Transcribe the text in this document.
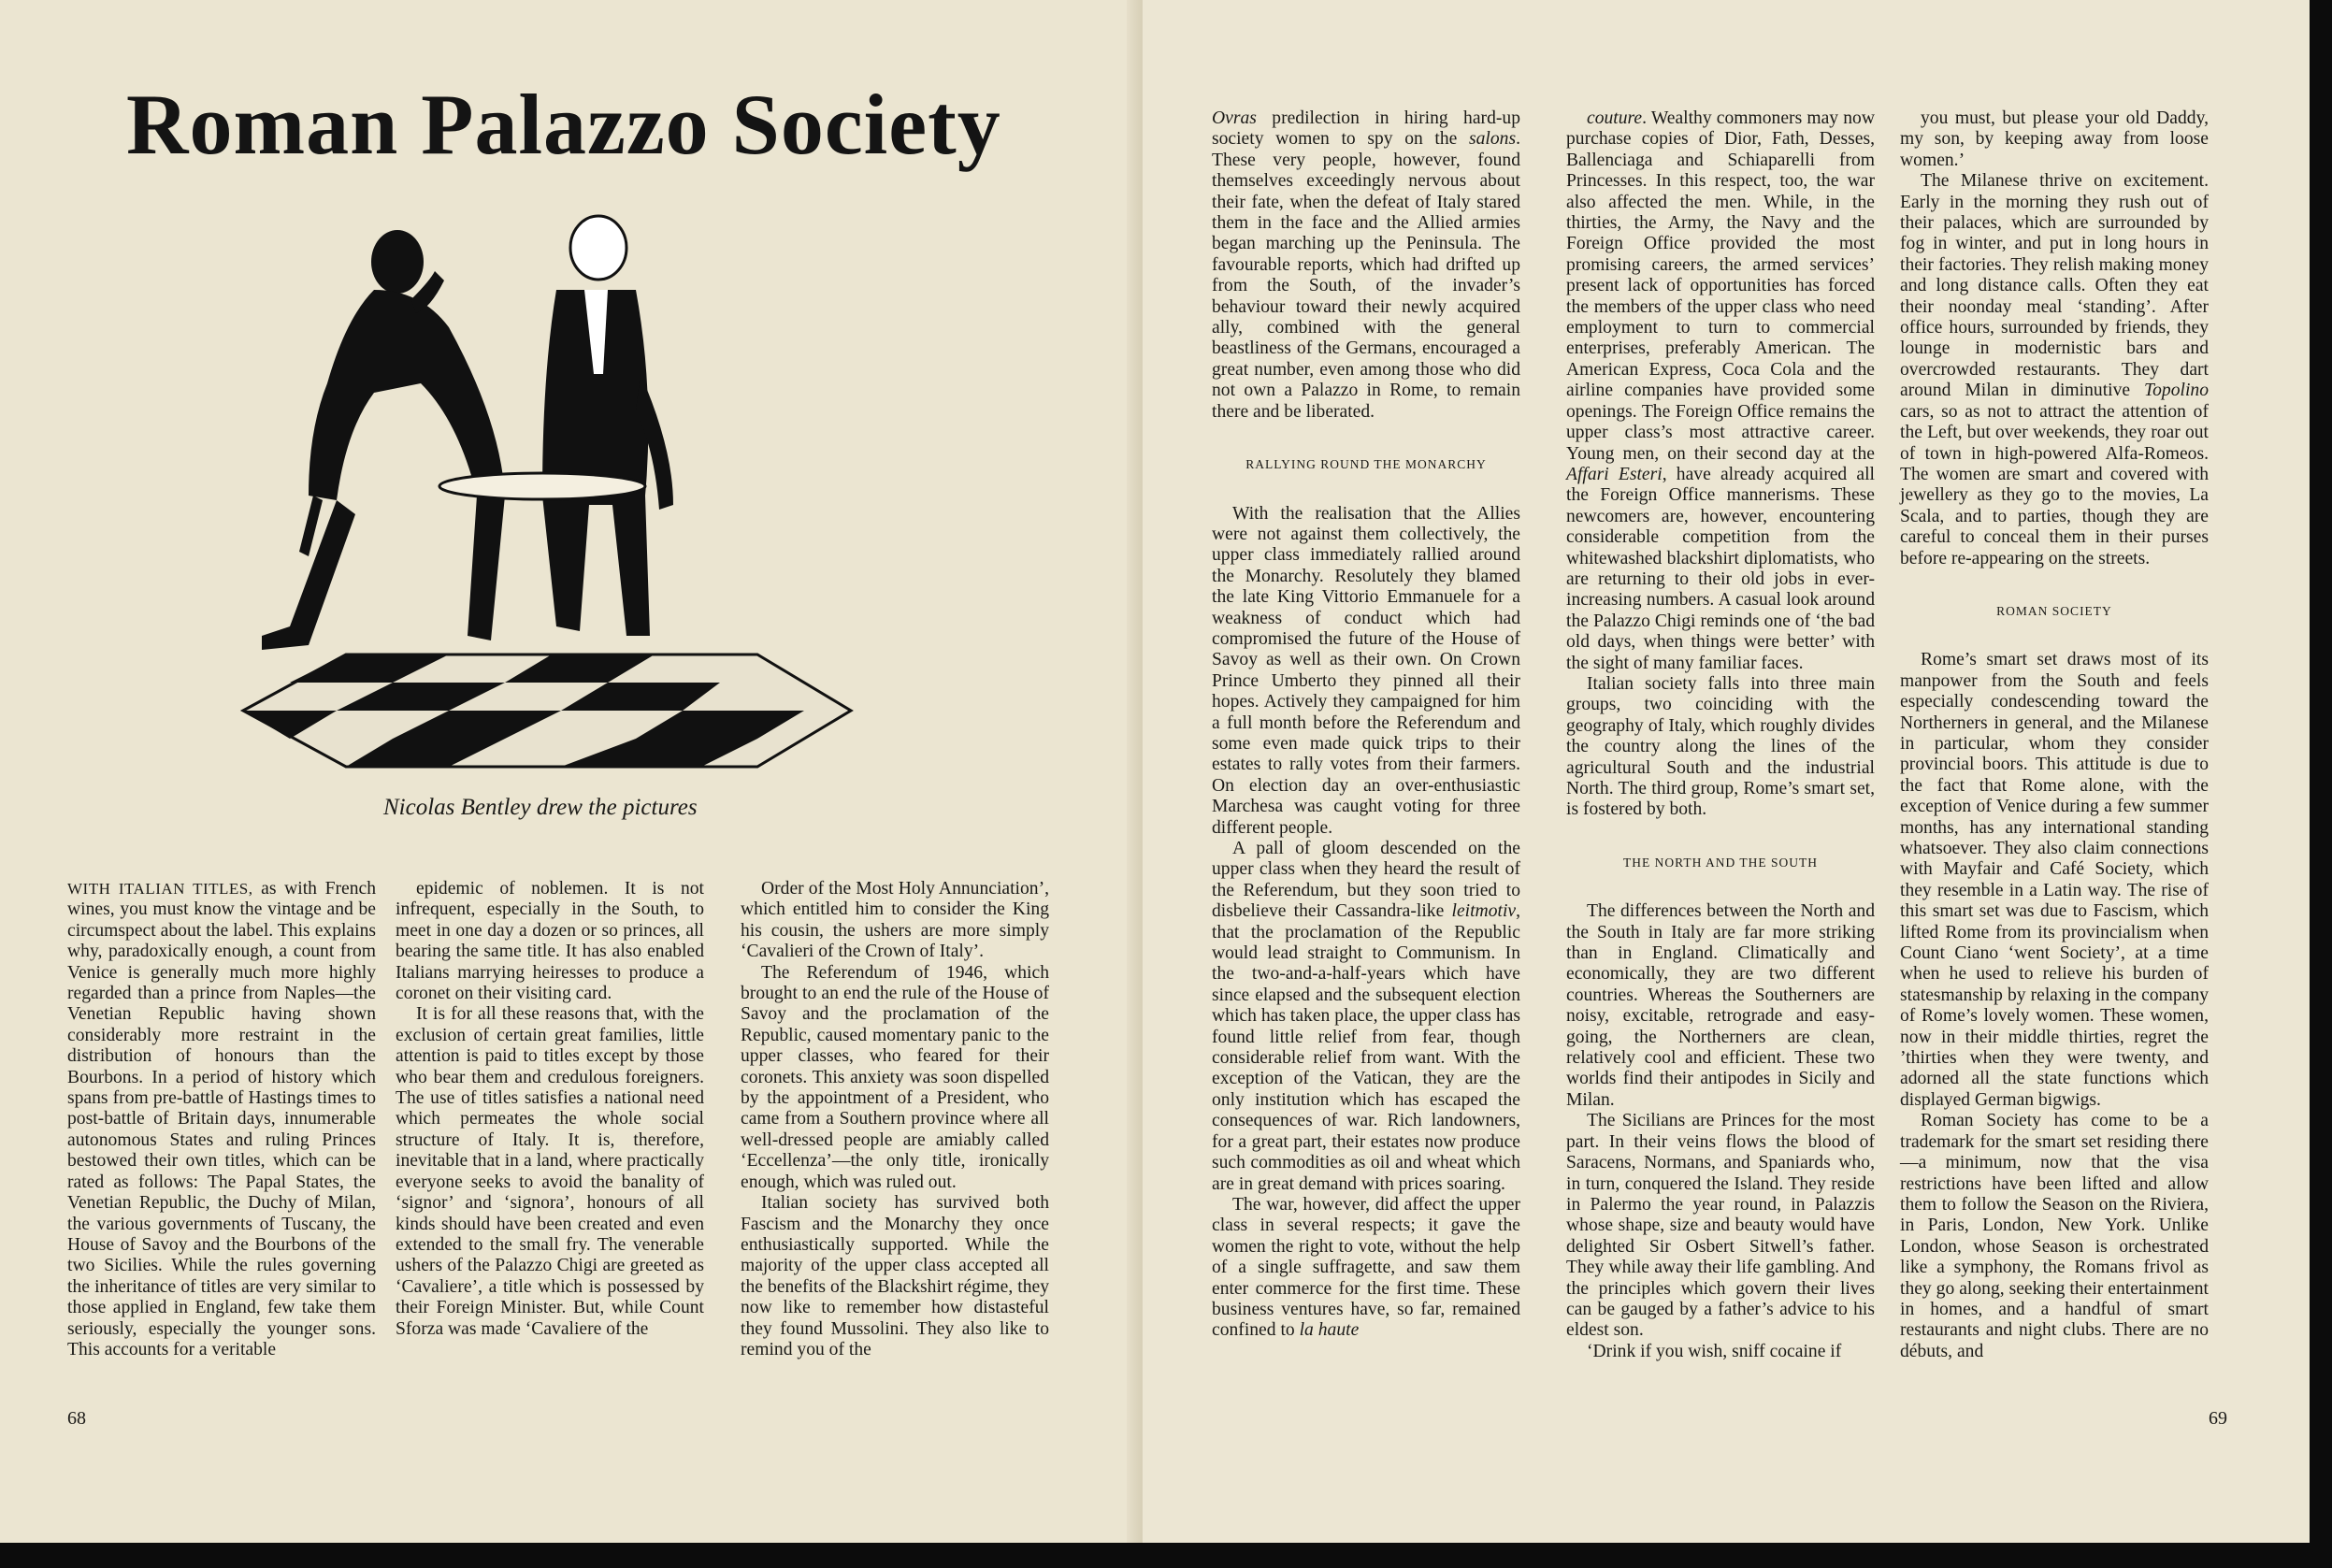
Roman Palazzo Society
Nicolas Bentley drew the pictures

WITH ITALIAN TITLES, as with French wines, you must know the vintage and be circumspect about the label. This explains why, paradoxically enough, a count from Venice is generally much more highly regarded than a prince from Naples—the Venetian Republic having shown considerably more restraint in the distribution of honours than the Bourbons. In a period of history which spans from pre-battle of Hastings times to post-battle of Britain days, innumerable autonomous States and ruling Princes bestowed their own titles, which can be rated as follows: The Papal States, the Venetian Republic, the Duchy of Milan, the various governments of Tuscany, the House of Savoy and the Bourbons of the two Sicilies. While the rules governing the inheritance of titles are very similar to those applied in England, few take them seriously, especially the younger sons. This accounts for a veritable

epidemic of noblemen. It is not infrequent, especially in the South, to meet in one day a dozen or so princes, all bearing the same title. It has also enabled Italians marrying heiresses to produce a coronet on their visiting card.

It is for all these reasons that, with the exclusion of certain great families, little attention is paid to titles except by those who bear them and credulous foreigners. The use of titles satisfies a national need which permeates the whole social structure of Italy. It is, therefore, inevitable that in a land, where practically everyone seeks to avoid the banality of ‘signor’ and ‘signora’, honours of all kinds should have been created and even extended to the small fry. The venerable ushers of the Palazzo Chigi are greeted as ‘Cavaliere’, a title which is possessed by their Foreign Minister. But, while Count Sforza was made ‘Cavaliere of the

Order of the Most Holy Annunciation’, which entitled him to consider the King his cousin, the ushers are more simply ‘Cavalieri of the Crown of Italy’.

The Referendum of 1946, which brought to an end the rule of the House of Savoy and the proclamation of the Republic, caused momentary panic to the upper classes, who feared for their coronets. This anxiety was soon dispelled by the appointment of a President, who came from a Southern province where all well-dressed people are amiably called ‘Eccellenza’—the only title, ironically enough, which was ruled out.

Italian society has survived both Fascism and the Monarchy they once enthusiastically supported. While the majority of the upper class accepted all the benefits of the Blackshirt régime, they now like to remember how distasteful they found Mussolini. They also like to remind you of the

68

Ovras predilection in hiring hard-up society women to spy on the salons. These very people, however, found themselves exceedingly nervous about their fate, when the defeat of Italy stared them in the face and the Allied armies began marching up the Peninsula. The favourable reports, which had drifted up from the South, of the invader’s behaviour toward their newly acquired ally, combined with the general beastliness of the Germans, encouraged a great number, even among those who did not own a Palazzo in Rome, to remain there and be liberated.

RALLYING ROUND THE MONARCHY

With the realisation that the Allies were not against them collectively, the upper class immediately rallied around the Monarchy. Resolutely they blamed the late King Vittorio Emmanuele for a weakness of conduct which had compromised the future of the House of Savoy as well as their own. On Crown Prince Umberto they pinned all their hopes. Actively they campaigned for him a full month before the Referendum and some even made quick trips to their estates to rally votes from their farmers. On election day an over-enthusiastic Marchesa was caught voting for three different people.

A pall of gloom descended on the upper class when they heard the result of the Referendum, but they soon tried to disbelieve their Cassandra-like leitmotiv, that the proclamation of the Republic would lead straight to Communism. In the two-and-a-half-years which have since elapsed and the subsequent election which has taken place, the upper class has found little relief from fear, though considerable relief from want. With the exception of the Vatican, they are the only institution which has escaped the consequences of war. Rich landowners, for a great part, their estates now produce such commodities as oil and wheat which are in great demand with prices soaring.

The war, however, did affect the upper class in several respects; it gave the women the right to vote, without the help of a single suffragette, and saw them enter commerce for the first time. These business ventures have, so far, remained confined to la haute

couture. Wealthy commoners may now purchase copies of Dior, Fath, Desses, Ballenciaga and Schiaparelli from Princesses. In this respect, too, the war also affected the men. While, in the thirties, the Army, the Navy and the Foreign Office provided the most promising careers, the armed services’ present lack of opportunities has forced the members of the upper class who need employment to turn to commercial enterprises, preferably American. The American Express, Coca Cola and the airline companies have provided some openings. The Foreign Office remains the upper class’s most attractive career. Young men, on their second day at the Affari Esteri, have already acquired all the Foreign Office mannerisms. These newcomers are, however, encountering considerable competition from the whitewashed blackshirt diplomatists, who are returning to their old jobs in ever-increasing numbers. A casual look around the Palazzo Chigi reminds one of ‘the bad old days, when things were better’ with the sight of many familiar faces.

Italian society falls into three main groups, two coinciding with the geography of Italy, which roughly divides the country along the lines of the agricultural South and the industrial North. The third group, Rome’s smart set, is fostered by both.

THE NORTH AND THE SOUTH

The differences between the North and the South in Italy are far more striking than in England. Climatically and economically, they are two different countries. Whereas the Southerners are noisy, excitable, retrograde and easy-going, the Northerners are clean, relatively cool and efficient. These two worlds find their antipodes in Sicily and Milan.

The Sicilians are Princes for the most part. In their veins flows the blood of Saracens, Normans, and Spaniards who, in turn, conquered the Island. They reside in Palermo the year round, in Palazzis whose shape, size and beauty would have delighted Sir Osbert Sitwell’s father. They while away their life gambling. And the principles which govern their lives can be gauged by a father’s advice to his eldest son.

‘Drink if you wish, sniff cocaine if

you must, but please your old Daddy, my son, by keeping away from loose women.’

The Milanese thrive on excitement. Early in the morning they rush out of their palaces, which are surrounded by fog in winter, and put in long hours in their factories. They relish making money and long distance calls. Often they eat their noonday meal ‘standing’. After office hours, surrounded by friends, they lounge in modernistic bars and overcrowded restaurants. They dart around Milan in diminutive Topolino cars, so as not to attract the attention of the Left, but over weekends, they roar out of town in high-powered Alfa-Romeos. The women are smart and covered with jewellery as they go to the movies, La Scala, and to parties, though they are careful to conceal them in their purses before re-appearing on the streets.

ROMAN SOCIETY

Rome’s smart set draws most of its manpower from the South and feels especially condescending toward the Northerners in general, and the Milanese in particular, whom they consider provincial boors. This attitude is due to the fact that Rome alone, with the exception of Venice during a few summer months, has any international standing whatsoever. They also claim connections with Mayfair and Café Society, which they resemble in a Latin way. The rise of this smart set was due to Fascism, which lifted Rome from its provincialism when Count Ciano ‘went Society’, at a time when he used to relieve his burden of statesmanship by relaxing in the company of Rome’s lovely women. These women, now in their middle thirties, regret the ’thirties when they were twenty, and adorned all the state functions which displayed German bigwigs.

Roman Society has come to be a trademark for the smart set residing there—a minimum, now that the visa restrictions have been lifted and allow them to follow the Season on the Riviera, in Paris, London, New York. Unlike London, whose Season is orchestrated like a symphony, the Romans frivol as they go along, seeking their entertainment in homes, and a handful of smart restaurants and night clubs. There are no débuts, and

69
